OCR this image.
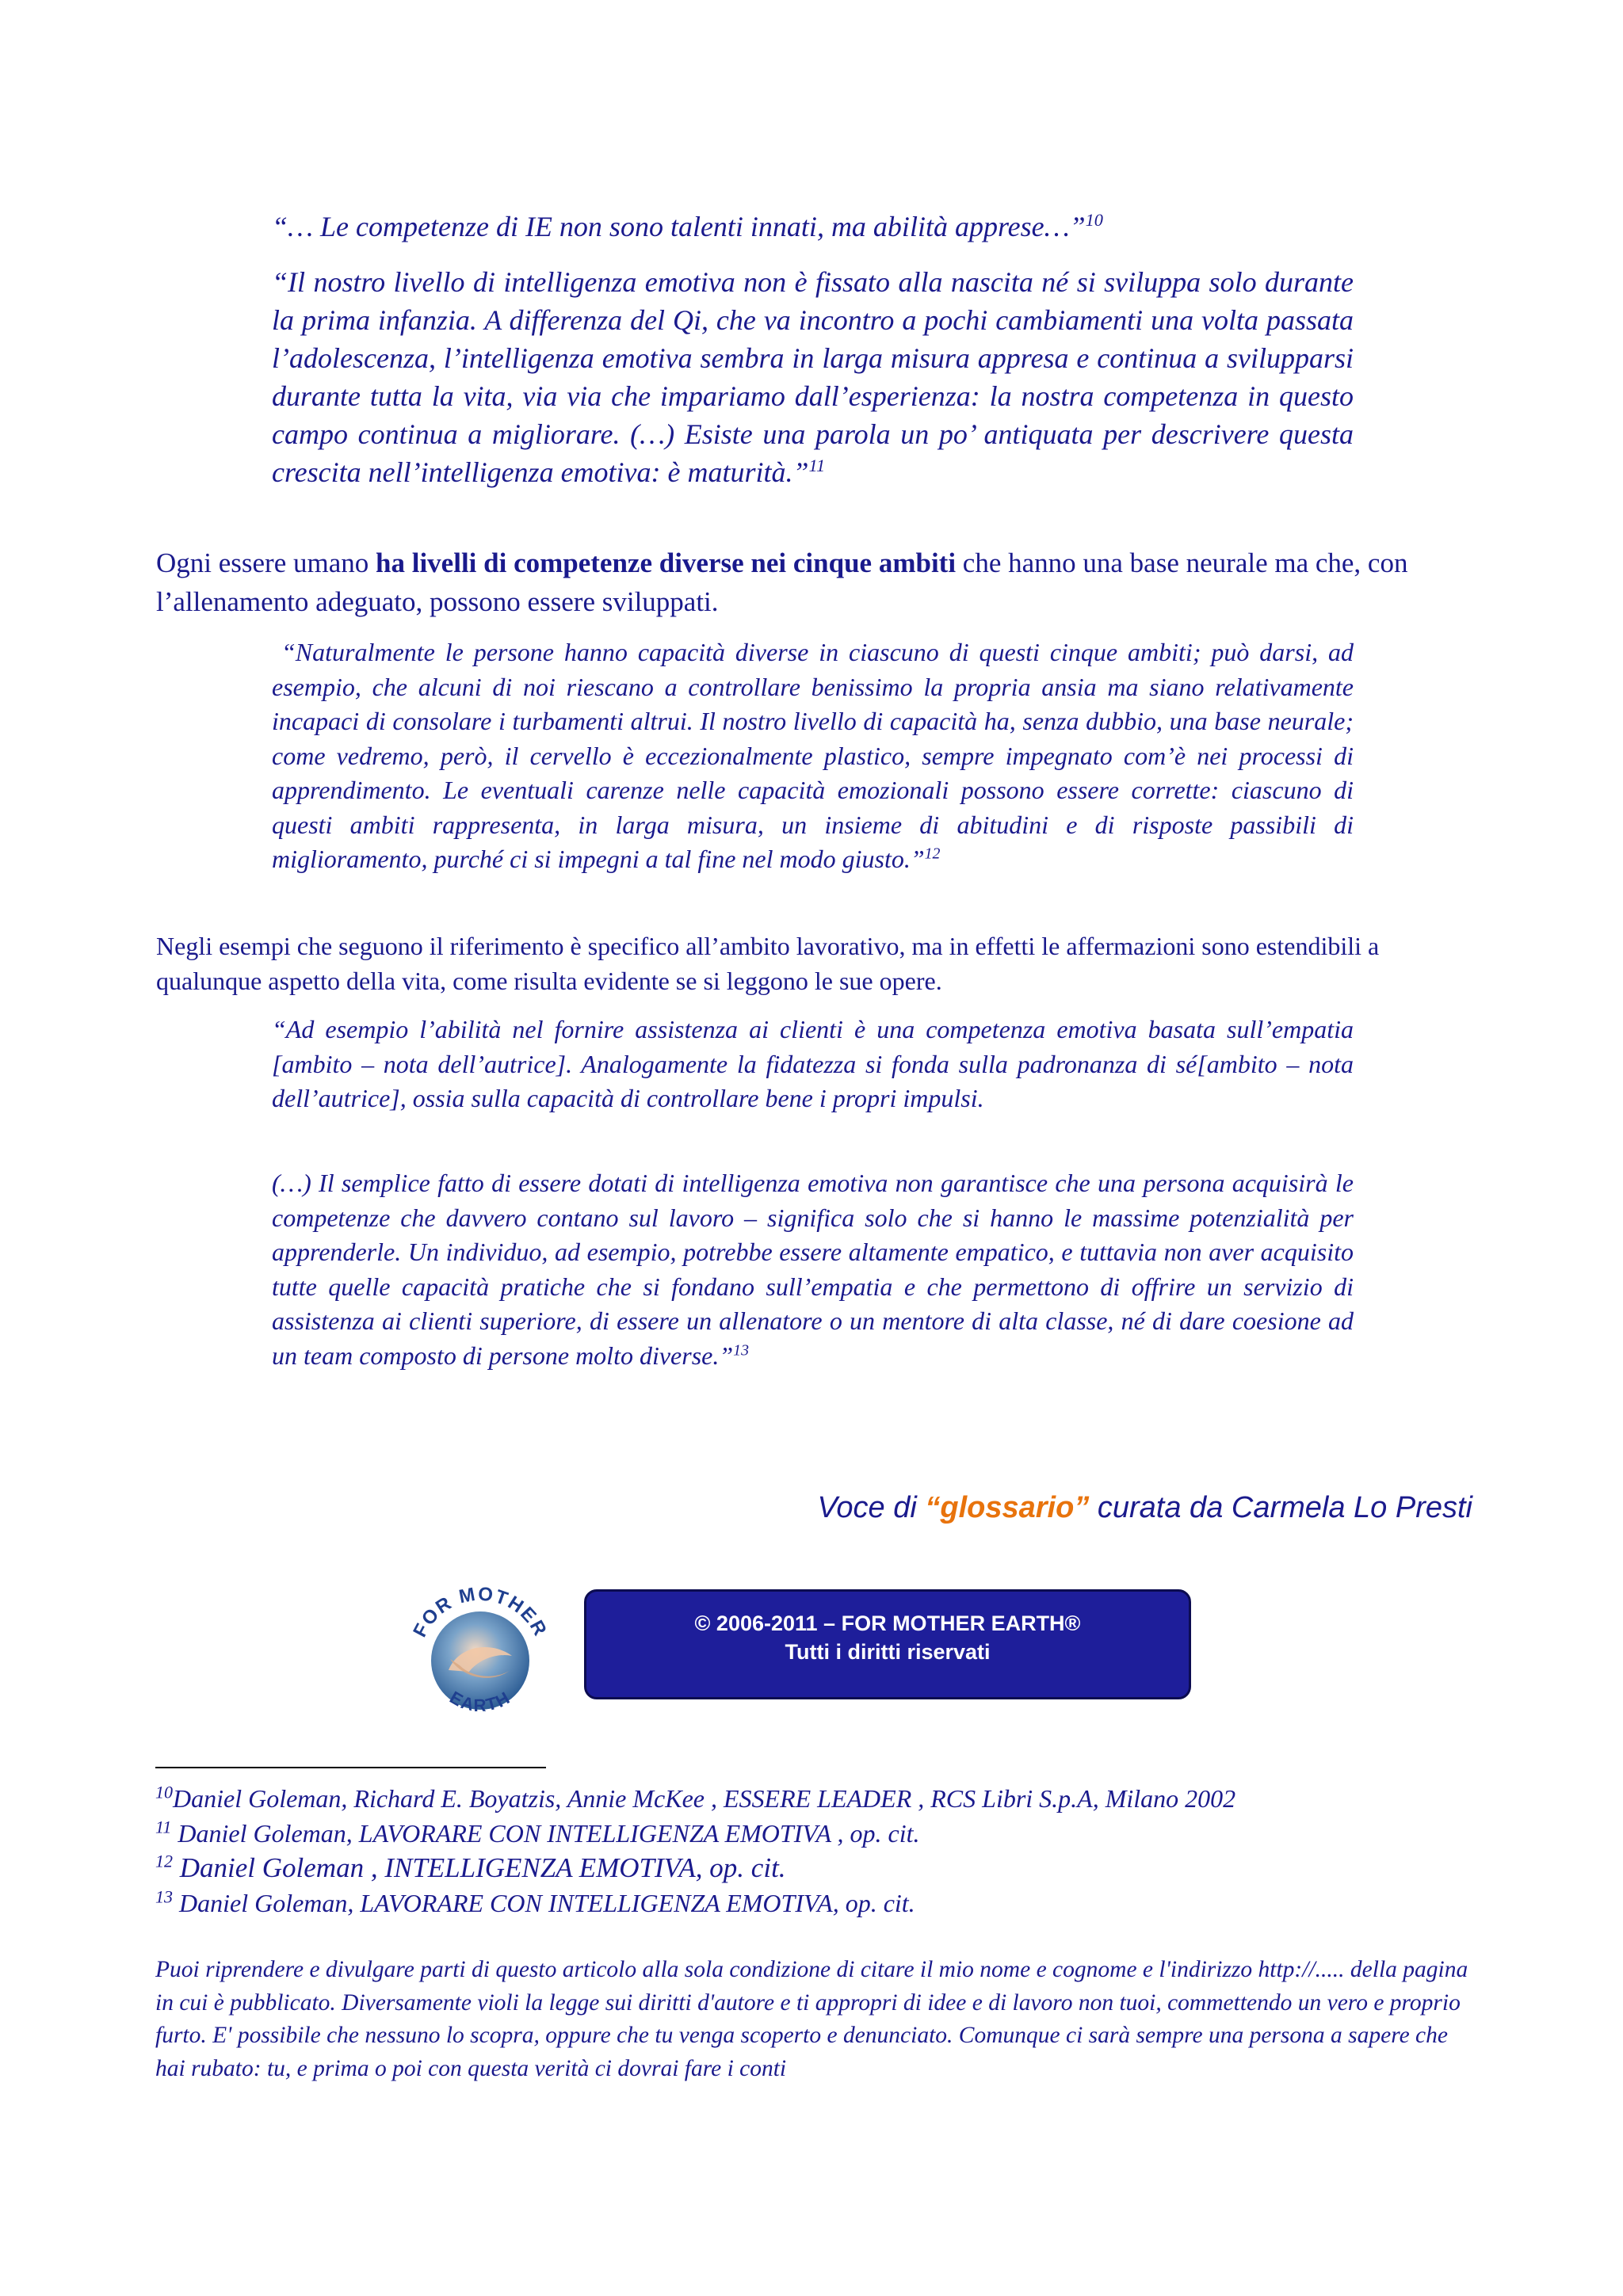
“… Le competenze di IE non sono talenti innati, ma abilità apprese…”$^{10}$
“Il nostro livello di intelligenza emotiva non è fissato alla nascita né si sviluppa solo durante la prima infanzia. A differenza del Qi, che va incontro a pochi cambiamenti una volta passata l’adolescenza, l’intelligenza emotiva sembra in larga misura appresa e continua a svilupparsi durante tutta la vita, via via che impariamo dall’esperienza: la nostra competenza in questo campo continua a migliorare. (…) Esiste una parola un po’ antiquata per descrivere questa crescita nell’intelligenza emotiva: è maturità.”$^{11}$
Ogni essere umano ha livelli di competenze diverse nei cinque ambiti che hanno una base neurale ma che, con l’allenamento adeguato, possono essere sviluppati.
“Naturalmente le persone hanno capacità diverse in ciascuno di questi cinque ambiti; può darsi, ad esempio, che alcuni di noi riescano a controllare benissimo la propria ansia ma siano relativamente incapaci di consolare i turbamenti altrui. Il nostro livello di capacità ha, senza dubbio, una base neurale; come vedremo, però, il cervello è eccezionalmente plastico, sempre impegnato com’è nei processi di apprendimento. Le eventuali carenze nelle capacità emozionali possono essere corrette: ciascuno di questi ambiti rappresenta, in larga misura, un insieme di abitudini e di risposte passibili di miglioramento, purché ci si impegni a tal fine nel modo giusto.”$^{12}$
Negli esempi che seguono il riferimento è specifico all’ambito lavorativo, ma in effetti le affermazioni sono estendibili a qualunque aspetto della vita, come risulta evidente se si leggono le sue opere.
“Ad esempio l’abilità nel fornire assistenza ai clienti è una competenza emotiva basata sull’empatia [ambito – nota dell’autrice]. Analogamente la fidatezza si fonda sulla padronanza di sé[ambito – nota dell’autrice], ossia sulla capacità di controllare bene i propri impulsi.
(…) Il semplice fatto di essere dotati di intelligenza emotiva non garantisce che una persona acquisirà le competenze che davvero contano sul lavoro – significa solo che si hanno le massime potenzialità per apprenderle. Un individuo, ad esempio, potrebbe essere altamente empatico, e tuttavia non aver acquisito tutte quelle capacità pratiche che si fondano sull’empatia e che permettono di offrire un servizio di assistenza ai clienti superiore, di essere un allenatore o un mentore di alta classe, né di dare coesione ad un team composto di persone molto diverse.”$^{13}$
Voce di “glossario” curata da Carmela Lo Presti
FOR MOTHER
EARTH
© 2006-2011 – FOR MOTHER EARTH®
Tutti i diritti riservati
$^{10}$Daniel Goleman, Richard E. Boyatzis, Annie McKee , ESSERE LEADER , RCS Libri S.p.A, Milano 2002
$^{11}$ Daniel Goleman, LAVORARE CON INTELLIGENZA EMOTIVA , op. cit.
$^{12}$ Daniel Goleman , INTELLIGENZA EMOTIVA, op. cit.
$^{13}$ Daniel Goleman, LAVORARE CON INTELLIGENZA EMOTIVA, op. cit.
Puoi riprendere e divulgare parti di questo articolo alla sola condizione di citare il mio nome e cognome e l'indirizzo http://..... della pagina in cui è pubblicato. Diversamente violi la legge sui diritti d'autore e ti appropri di idee e di lavoro non tuoi, commettendo un vero e proprio furto. E' possibile che nessuno lo scopra, oppure che tu venga scoperto e denunciato. Comunque ci sarà sempre una persona a sapere che hai rubato: tu, e prima o poi con questa verità ci dovrai fare i conti
